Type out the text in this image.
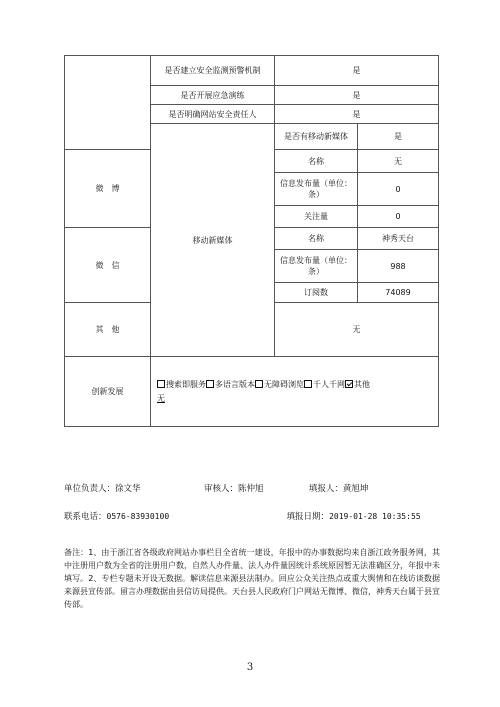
	是否建立安全监测预警机制	是	
	是否开展应急演练	是	
	是否明确网站安全责任人	是	
	移动新媒体	是否有移动新媒体	是
微　博		名称	无
		信息发布量（单位：条）	0
		关注量	0
微　信		名称	神秀天台
		信息发布量（单位：条）	988
		订阅数	74089
其　他		无	
创新发展	搜索即服务 多语言版本 无障碍浏览 千人千网 其他
无		
单位负责人：徐文华	审核人：陈仲旭	填报人：黄旭坤
联系电话：0576-83930100	填报日期：2019-01-28 10:35:55
备注：1、由于浙江省各级政府网站办事栏目全省统一建设，年报中的办事数据均来自浙江政务服务网，其中注册用户数为全省的注册用户数，自然人办件量、法人办件量因统计系统原因暂无法准确区分，年报中未填写。2、专栏专题未开设无数据。解读信息来源县法制办。回应公众关注热点或重大舆情和在线访谈数据来源县宣传部。留言办理数据由县信访局提供。天台县人民政府门户网站无微博、微信，神秀天台属于县宣传部。
3
